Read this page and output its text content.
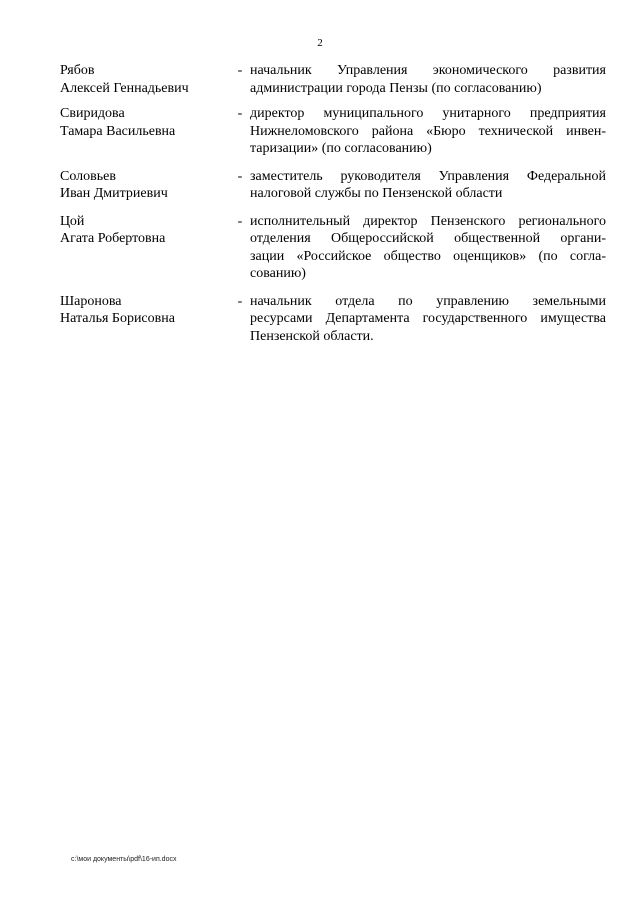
2
Рябов
Алексей Геннадьевич
- начальник Управления экономического развития
администрации города Пензы (по согласованию)
Свиридова
Тамара Васильевна
- директор муниципального унитарного предприятия
Нижнеломовского района «Бюро технической инвен-
таризации» (по согласованию)
Соловьев
Иван Дмитриевич
- заместитель руководителя Управления Федеральной
налоговой службы по Пензенской области
Цой
Агата Робертовна
- исполнительный директор Пензенского регионального
отделения Общероссийской общественной органи-
зации «Российское общество оценщиков» (по согла-
сованию)
Шаронова
Наталья Борисовна
- начальник отдела по управлению земельными
ресурсами Департамента государственного имущества
Пензенской области.
c:\мои документы\pdf\16-ип.docx
